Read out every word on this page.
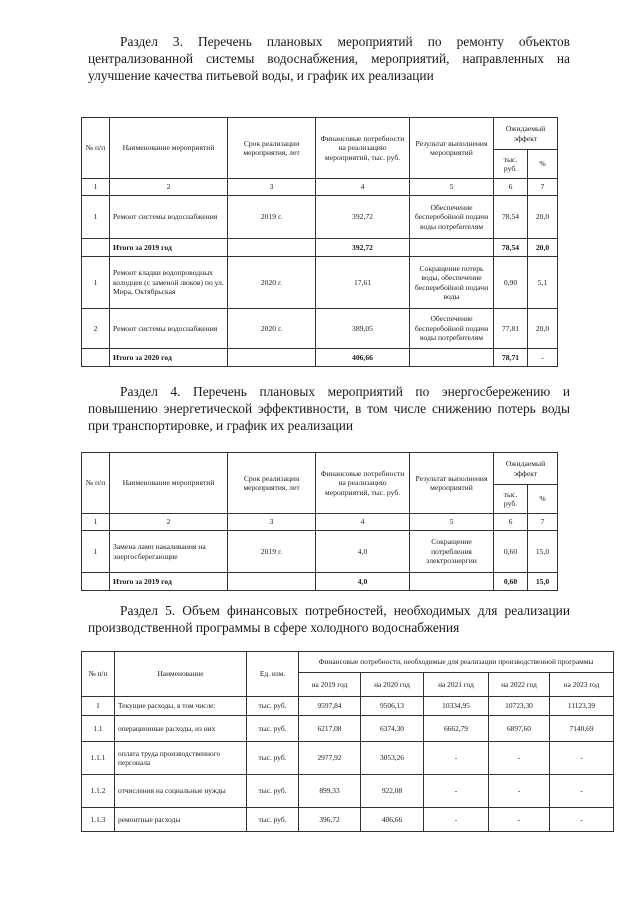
Раздел 3. Перечень плановых мероприятий по ремонту объектов централизованной системы водоснабжения, мероприятий, направленных на улучшение качества питьевой воды, и график их реализации

№ п/п	Наименование мероприятий	Срок реализации мероприятия, лет	Финансовые потребности на реализацию мероприятий, тыс. руб.	Результат выполнения мероприятий	Ожидаемый эффект	
					тыс. руб.	%
1	2	3	4	5	6	7
1	Ремонт системы водоснабжения	2019 г.	392,72	Обеспечение бесперебойной подачи воды потребителям	78,54	20,0
	Итого за 2019 год		392,72		78,54	20,0
1	Ремонт кладки водопроводных колодцев (с заменой люков) по ул. Мира, Октябрьская	2020 г.	17,61	Сокращение потерь воды, обеспечение бесперебойной подачи воды	0,90	5,1
2	Ремонт системы водоснабжения	2020 г.	389,05	Обеспечение бесперебойной подачи воды потребителям	77,81	20,0
	Итого за 2020 год		406,66		78,71	-

Раздел 4. Перечень плановых мероприятий по энергосбережению и повышению энергетической эффективности, в том числе снижению потерь воды при транспортировке, и график их реализации

№ п/п	Наименование мероприятий	Срок реализации мероприятия, лет	Финансовые потребности на реализацию мероприятий, тыс. руб.	Результат выполнения мероприятий	Ожидаемый эффект	
					тыс. руб.	%
1	2	3	4	5	6	7
1	Замена ламп накаливания на энергосберегающие	2019 г.	4,0	Сокращение потребления электроэнергии	0,60	15,0
	Итого за 2019 год		4,0		0,60	15,0

Раздел 5. Объем финансовых потребностей, необходимых для реализации производственной программы в сфере холодного водоснабжения

№ п/п	Наименование	Ед. изм.	Финансовые потребности, необходимые для реализации производственной программы				
			на 2019 год	на 2020 год	на 2021 год	на 2022 год	на 2023 год
1	Текущие расходы, в том числе:	тыс. руб.	9597,84	9506,13	10334,95	10723,30	11123,39
1.1	операционные расходы, из них	тыс. руб.	6217,08	6374,30	6662,79	6897,60	7140,69
1.1.1	оплата труда производственного персонала	тыс. руб.	2977,92	3053,26	-	-	-
1.1.2	отчисления на социальные нужды	тыс. руб.	899,33	922,08	-	-	-
1.1.3	ремонтные расходы	тыс. руб.	396,72	406,66	-	-	-
